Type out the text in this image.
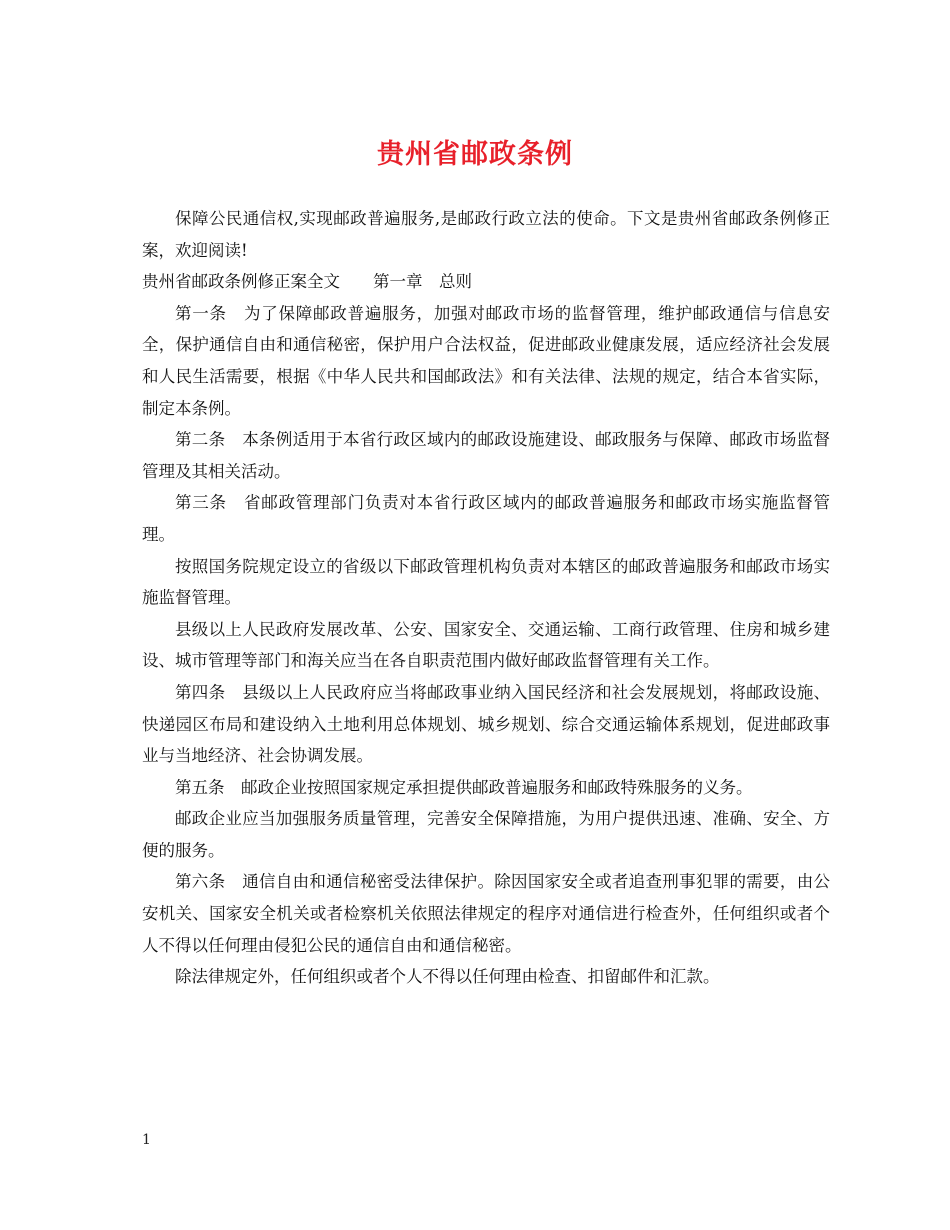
贵州省邮政条例

保障公民通信权,实现邮政普遍服务,是邮政行政立法的使命。下文是贵州省邮政条例修正案，欢迎阅读!

贵州省邮政条例修正案全文　　第一章　总则

第一条　为了保障邮政普遍服务，加强对邮政市场的监督管理，维护邮政通信与信息安全，保护通信自由和通信秘密，保护用户合法权益，促进邮政业健康发展，适应经济社会发展和人民生活需要，根据《中华人民共和国邮政法》和有关法律、法规的规定，结合本省实际，制定本条例。

第二条　本条例适用于本省行政区域内的邮政设施建设、邮政服务与保障、邮政市场监督管理及其相关活动。

第三条　省邮政管理部门负责对本省行政区域内的邮政普遍服务和邮政市场实施监督管理。

按照国务院规定设立的省级以下邮政管理机构负责对本辖区的邮政普遍服务和邮政市场实施监督管理。

县级以上人民政府发展改革、公安、国家安全、交通运输、工商行政管理、住房和城乡建设、城市管理等部门和海关应当在各自职责范围内做好邮政监督管理有关工作。

第四条　县级以上人民政府应当将邮政事业纳入国民经济和社会发展规划，将邮政设施、快递园区布局和建设纳入土地利用总体规划、城乡规划、综合交通运输体系规划，促进邮政事业与当地经济、社会协调发展。

第五条　邮政企业按照国家规定承担提供邮政普遍服务和邮政特殊服务的义务。

邮政企业应当加强服务质量管理，完善安全保障措施，为用户提供迅速、准确、安全、方便的服务。

第六条　通信自由和通信秘密受法律保护。除因国家安全或者追查刑事犯罪的需要，由公安机关、国家安全机关或者检察机关依照法律规定的程序对通信进行检查外，任何组织或者个人不得以任何理由侵犯公民的通信自由和通信秘密。

除法律规定外，任何组织或者个人不得以任何理由检查、扣留邮件和汇款。

1
